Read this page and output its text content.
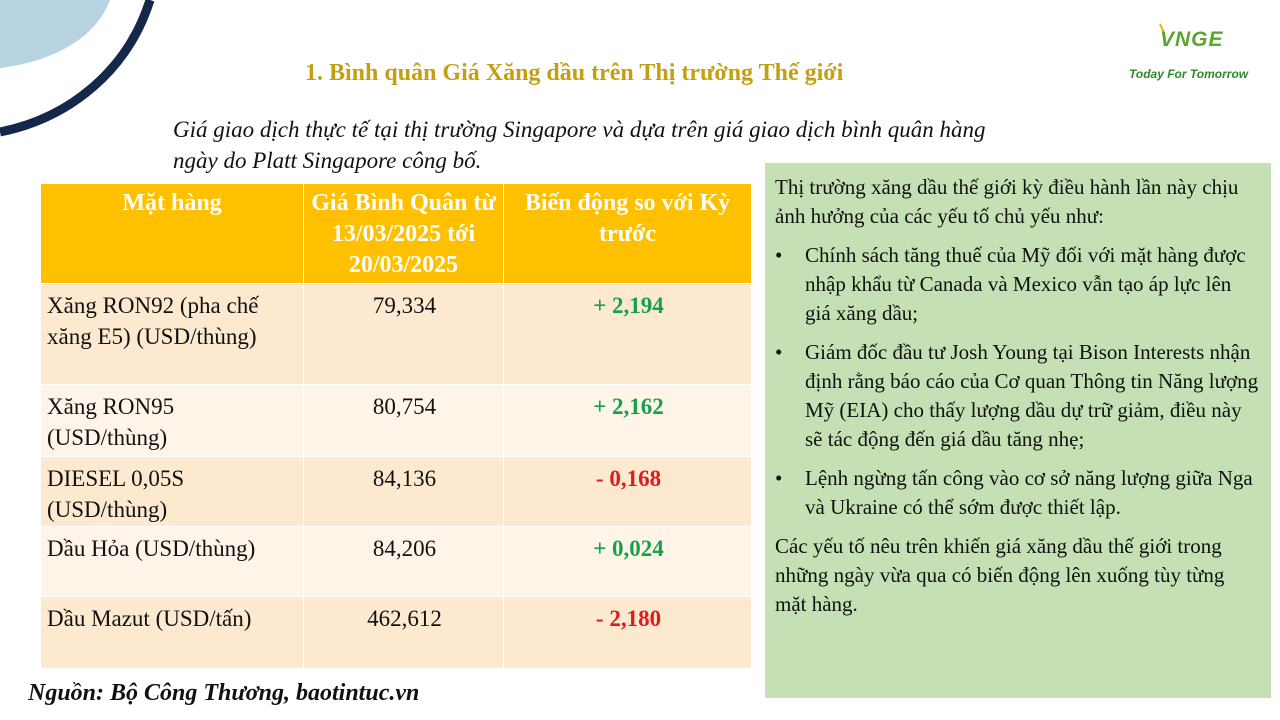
VNGE
Today For Tomorrow
1. Bình quân Giá Xăng dầu trên Thị trường Thế giới
Giá giao dịch thực tế tại thị trường Singapore và dựa trên giá giao dịch bình quân hàng
ngày do Platt Singapore công bố.
Mặt hàng	Giá Bình Quân từ 13/03/2025 tới 20/03/2025	Biến động so với Kỳ trước
Xăng RON92 (pha chế xăng E5) (USD/thùng)	79,334	+ 2,194
Xăng RON95 (USD/thùng)	80,754	+ 2,162
DIESEL 0,05S (USD/thùng)	84,136	- 0,168
Dầu Hỏa (USD/thùng)	84,206	+ 0,024
Dầu Mazut (USD/tấn)	462,612	- 2,180
Nguồn: Bộ Công Thương, baotintuc.vn

Thị trường xăng dầu thế giới kỳ điều hành lần này chịu ảnh hưởng của các yếu tố chủ yếu như:

• Chính sách tăng thuế của Mỹ đối với mặt hàng được nhập khẩu từ Canada và Mexico vẫn tạo áp lực lên giá xăng dầu;
• Giám đốc đầu tư Josh Young tại Bison Interests nhận định rằng báo cáo của Cơ quan Thông tin Năng lượng Mỹ (EIA) cho thấy lượng dầu dự trữ giảm, điều này sẽ tác động đến giá dầu tăng nhẹ;
• Lệnh ngừng tấn công vào cơ sở năng lượng giữa Nga và Ukraine có thể sớm được thiết lập.

Các yếu tố nêu trên khiến giá xăng dầu thế giới trong những ngày vừa qua có biến động lên xuống tùy từng mặt hàng.
